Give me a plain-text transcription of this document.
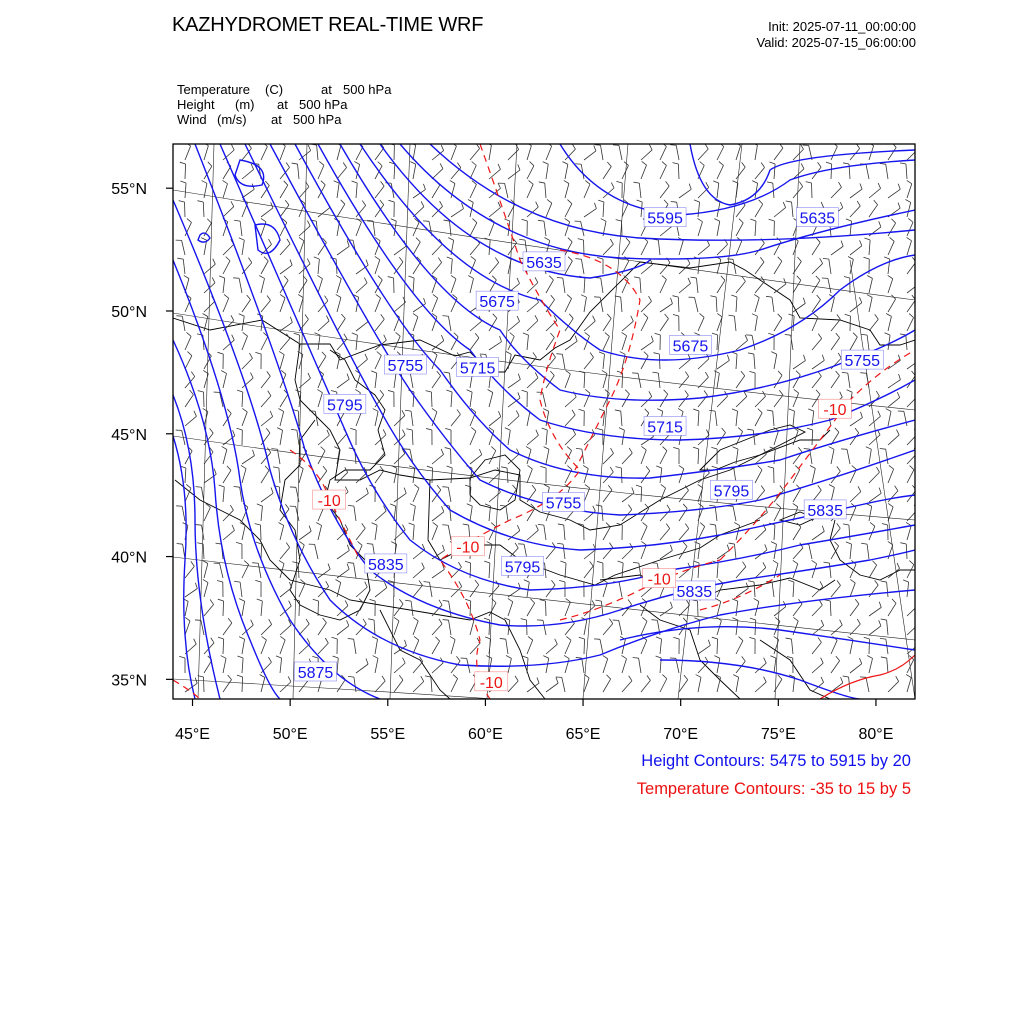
KAZHYDROMET REAL-TIME WRF	Init: 2025-07-11_00:00:00
Valid: 2025-07-15_06:00:00
Temperature (C)	at 500 hPa
Height (m) at 500 hPa
Wind (m/s) at 500 hPa
5595	5635
5635
5675
5675
5755 5715	5755
5795
5715
5795
5755	5835
5835	5795
5835
5875
-10
-10
-10
-10
-10
45°E	50°E	55°E	60°E	65°E	70°E	75°E	80°E
55°N
50°N
45°N
40°N
35°N
Height Contours: 5475 to 5915 by 20
Temperature Contours: -35 to 15 by 5
